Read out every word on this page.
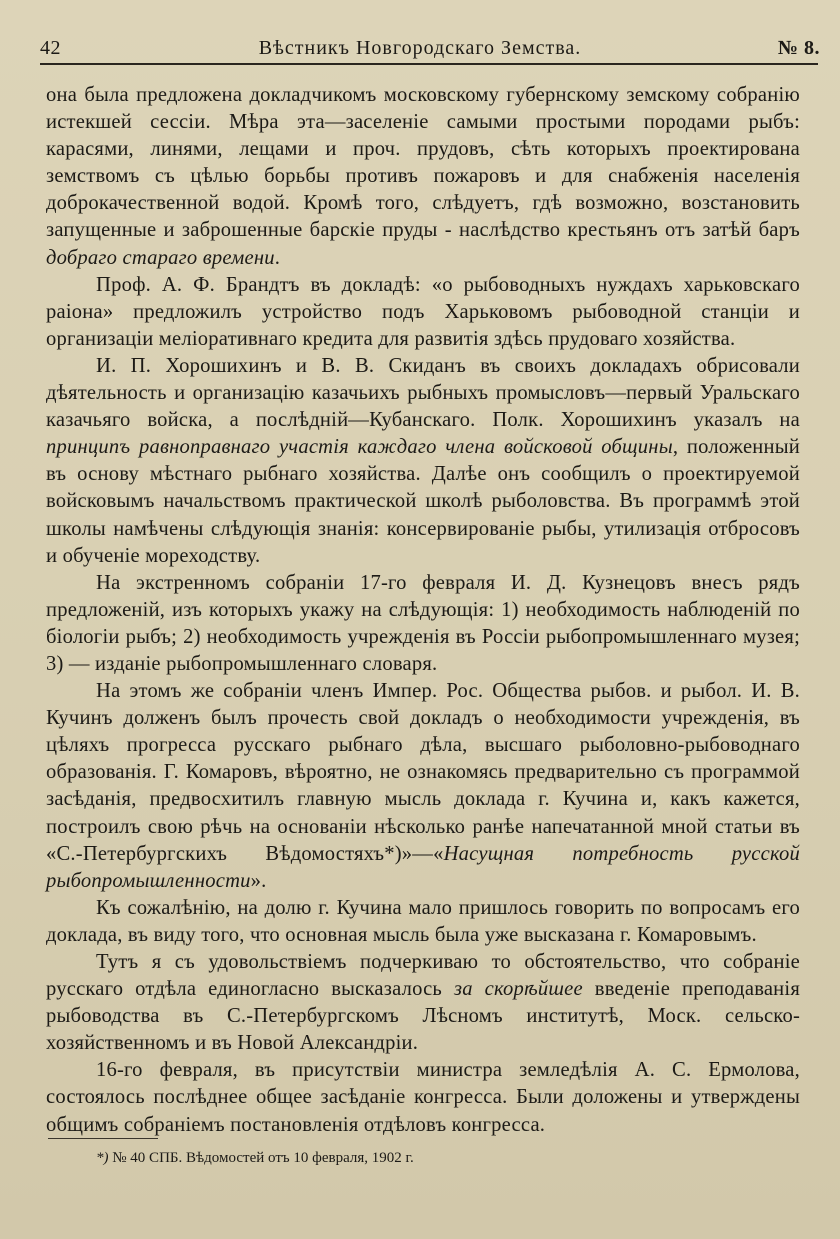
42	Вѣстникъ Новгородскаго Земства.	№ 8.

она была предложена докладчикомъ московскому губернскому земскому собранію истекшей сессіи. Мѣра эта—заселеніе самыми простыми породами рыбъ: карасями, линями, лещами и проч. прудовъ, сѣть которыхъ проектирована земствомъ съ цѣлью борьбы противъ пожаровъ и для снабженія населенія доброкачественной водой. Кромѣ того, слѣдуетъ, гдѣ возможно, возстановить запущенные и заброшенные барскіе пруды - наслѣдство крестьянъ отъ затѣй баръ добраго стараго времени.

Проф. А. Ф. Брандтъ въ докладѣ: «о рыбоводныхъ нуждахъ харьковскаго раіона» предложилъ устройство подъ Харьковомъ рыбоводной станціи и организаціи меліоративнаго кредита для развитія здѣсь прудоваго хозяйства.

И. П. Хорошихинъ и В. В. Скиданъ въ своихъ докладахъ обрисовали дѣятельность и организацію казачьихъ рыбныхъ промысловъ—первый Уральскаго казачьяго войска, а послѣдній—Кубанскаго. Полк. Хорошихинъ указалъ на принципъ равноправнаго участія каждаго члена войсковой общины, положенный въ основу мѣстнаго рыбнаго хозяйства. Далѣе онъ сообщилъ о проектируемой войсковымъ начальствомъ практической школѣ рыболовства. Въ программѣ этой школы намѣчены слѣдующія знанія: консервированіе рыбы, утилизація отбросовъ и обученіе мореходству.

На экстренномъ собраніи 17-го февраля И. Д. Кузнецовъ внесъ рядъ предложеній, изъ которыхъ укажу на слѣдующія: 1) необходимость наблюденій по біологіи рыбъ; 2) необходимость учрежденія въ Россіи рыбопромышленнаго музея; 3) — изданіе рыбопромышленнаго словаря.

На этомъ же собраніи членъ Импер. Рос. Общества рыбов. и рыбол. И. В. Кучинъ долженъ былъ прочесть свой докладъ о необходимости учрежденія, въ цѣляхъ прогресса русскаго рыбнаго дѣла, высшаго рыболовно-рыбоводнаго образованія. Г. Комаровъ, вѣроятно, не ознакомясь предварительно съ программой засѣданія, предвосхитилъ главную мысль доклада г. Кучина и, какъ кажется, построилъ свою рѣчь на основаніи нѣсколько ранѣе напечатанной мной статьи въ «С.-Петербургскихъ Вѣдомостяхъ*)»—«Насущная потребность русской рыбопромышленности».

Къ сожалѣнію, на долю г. Кучина мало пришлось говорить по вопросамъ его доклада, въ виду того, что основная мысль была уже высказана г. Комаровымъ.

Тутъ я съ удовольствіемъ подчеркиваю то обстоятельство, что собраніе русскаго отдѣла единогласно высказалось за скорѣйшее введеніе преподаванія рыбоводства въ С.-Петербургскомъ Лѣсномъ институтѣ, Моск. сельско-хозяйственномъ и въ Новой Александріи.

16-го февраля, въ присутствіи министра земледѣлія А. С. Ермолова, состоялось послѣднее общее засѣданіе конгресса. Были доложены и утверждены общимъ собраніемъ постановленія отдѣловъ конгресса.

*) № 40 СПБ. Вѣдомостей отъ 10 февраля, 1902 г.
